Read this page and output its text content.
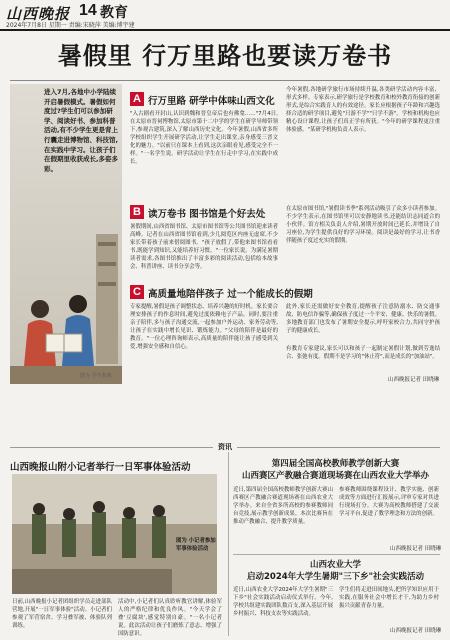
山西晚报 14 教育
2024年7月8日 星期一 责编:宋晓萍 美编:博宇建
暑假里 行万里路也要读万卷书
进入7月,各地中小学陆续开启暑假模式。暑假如何度过?学生们可以参加研学、阅读好书、参加科普活动,有不少学生更是背上行囊走进博物馆、科技馆,在实践中学习。让孩子们在假期里收获成长,多姿多彩。
图为 学生参观
A 行万里路 研学中体味山西文化
"入古剧看开封山,认识到魏和晋皇帝后也有佛龛……"7月4日,在太原市晋祠博物馆,太原市第十二中学的学生在研学导师带领下,参观古建筑,深入了解山西历史文化。今年暑假,山西省多所学校组织学生开展研学活动,让学生走出课堂,亲身感受三晋文化的魅力。"以前只在课本上看到,这次亲眼看见,感受完全不一样。"一名学生说。研学活动让学生在行走中学习,在实践中成长。
今年暑假,各地研学旅行市场持续升温,各类研学活动内容丰富、形式多样。专家表示,研学旅行是学校教育和校外教育衔接的创新形式,是综合实践育人的有效途径。家长应根据孩子年龄和兴趣选择合适的研学项目,避免"只游不学""只学不游"。学校和机构也应精心设计课程,让孩子们真正学有所获。"今年的研学课程更注重体验感。"某研学机构负责人表示。
B 读万卷书 图书馆是个好去处
暑假期间,山西省图书馆、太原市图书馆等公共图书馆迎来读者高峰。记者在山西省图书馆看到,少儿阅览区内座无虚席,不少家长带着孩子前来借阅图书。"孩子放假了,带他来图书馆看看书,既能学到知识,又能培养好习惯。"一位家长说。为满足暑期读者需求,各图书馆推出了丰富多彩的阅读活动,包括绘本故事会、科普讲座、读书分享会等。
在太原市图书馆,"暑假读书季"系列活动吸引了众多小读者参加。不少学生表示,在图书馆里可以安静地读书,还能结识志同道合的小伙伴。馆方相关负责人介绍,暑期开放时间已延长,并增设了自习座位,为学生提供良好的学习环境。阅读是最好的学习,让书香伴随孩子度过充实的假期。
C 高质量地陪伴孩子 过一个能成长的假期
专家提醒,暑假是孩子调整状态、培养兴趣的好时机。家长要合理安排孩子的作息时间,避免过度依赖电子产品。同时,要注重亲子陪伴,多与孩子沟通交流,一起参加户外运动、家务劳动等,让孩子在实践中增长见识、锻炼能力。"父母的陪伴是最好的教育。"一位心理咨询师表示,高质量的陪伴能让孩子感受到关爱,增强安全感和自信心。
此外,家长还需做好安全教育,提醒孩子注意防溺水、防交通事故、防电信诈骗等,确保孩子度过一个平安、健康、快乐的暑假。多地教育部门也发布了暑期安全提示,呼吁家校合力,共同守护孩子的健康成长。
有教育专家建议,家长可以和孩子一起制定暑假计划,做到劳逸结合、张弛有度。假期不是学习的"休止符",而是成长的"加油站"。
山西晚报记者 田晓琳
资讯
山西晚报山附小记者举行一日军事体验活动
图为 小记者参加军事体验活动
日前,山西晚报小记者团组织学员走进部队营地,开展"一日军事体验"活动。小记者们参观了军营宿舍、学习叠军被、体验队列训练。
活动中,小记者们认真聆听教官讲解,体验军人的严格纪律和优良作风。"今天学会了叠'豆腐块',感觉特别自豪。"一名小记者说。此次活动让孩子们磨炼了意志、增强了国防意识。
第四届全国高校教师教学创新大赛
山西赛区产教融合赛道现场赛在山西农业大学举办
近日,第四届全国高校教师教学创新大赛山西赛区产教融合赛道现场赛在山西农业大学举办。来自全省多所高校的参赛教师同台竞技,展示教学创新成果。本次比赛旨在推动产教融合、提升教学质量。
参赛教师围绕课程设计、教学实施、创新成效等方面进行汇报展示,评审专家对其进行现场打分。大赛为高校教师搭建了交流学习平台,促进了教学理念和方法的创新。
山西晚报记者 田晓琳
山西农业大学
启动2024年大学生暑期"三下乡"社会实践活动
近日,山西农业大学2024年大学生暑期"三下乡"社会实践活动启动仪式举行。今年,学校共组建实践团队数百支,深入基层开展乡村振兴、科技支农等实践活动。
学生们将走进田间地头,把所学知识应用于实践,在服务社会中增长才干,为助力乡村振兴贡献青春力量。
山西晚报记者 田晓琳
